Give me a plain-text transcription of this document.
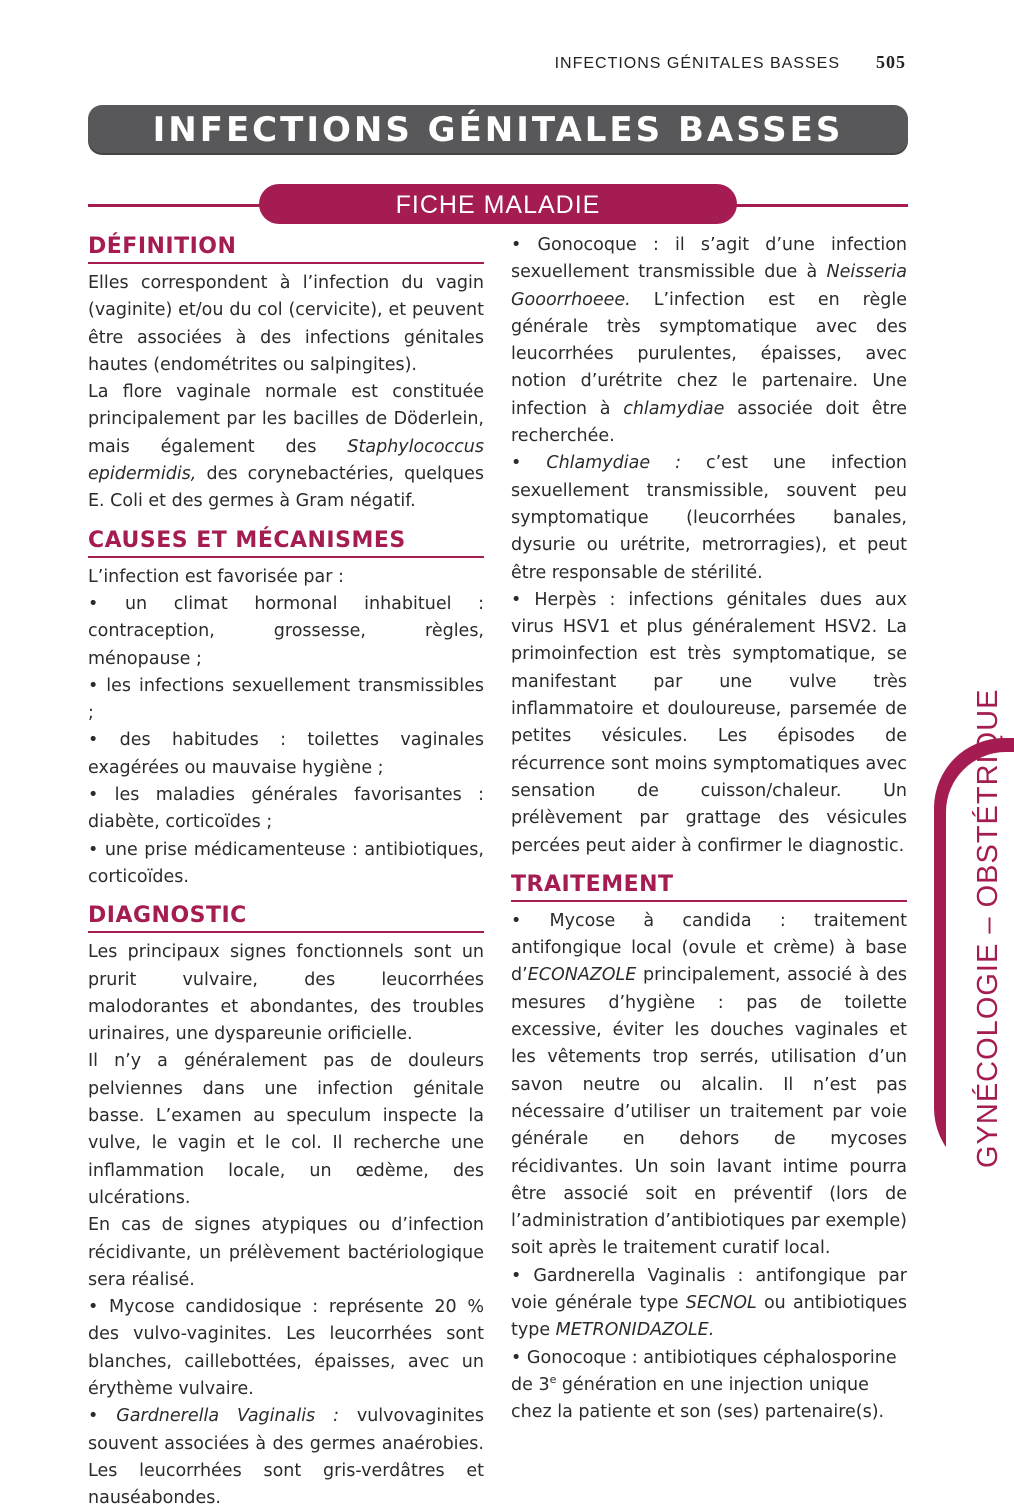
INFECTIONS GÉNITALES BASSES 505
INFECTIONS GÉNITALES BASSES
FICHE MALADIE
DÉFINITION

Elles correspondent à l’infection du vagin (vaginite) et/ou du col (cervicite), et peuvent être associées à des infections génitales hautes (endométrites ou salpingites).

La flore vaginale normale est constituée principalement par les bacilles de Döderlein, mais également des Staphylococcus epidermidis, des corynebactéries, quelques E. Coli et des germes à Gram négatif.

CAUSES ET MÉCANISMES

L’infection est favorisée par :

• un climat hormonal inhabituel : contraception, grossesse, règles, ménopause ;

• les infections sexuellement transmissibles ;

• des habitudes : toilettes vaginales exagérées ou mauvaise hygiène ;

• les maladies générales favorisantes : diabète, corticoïdes ;

• une prise médicamenteuse : antibiotiques, corticoïdes.

DIAGNOSTIC

Les principaux signes fonctionnels sont un prurit vulvaire, des leucorrhées malodorantes et abondantes, des troubles urinaires, une dyspareunie orificielle.

Il n’y a généralement pas de douleurs pelviennes dans une infection génitale basse. L’examen au speculum inspecte la vulve, le vagin et le col. Il recherche une inflammation locale, un œdème, des ulcérations.

En cas de signes atypiques ou d’infection récidivante, un prélèvement bactériologique sera réalisé.

• Mycose candidosique : représente 20 % des vulvo-vaginites. Les leucorrhées sont blanches, caillebottées, épaisses, avec un érythème vulvaire.

• Gardnerella Vaginalis : vulvovaginites souvent associées à des germes anaérobies. Les leucorrhées sont gris-verdâtres et nauséabondes.

• Gonocoque : il s’agit d’une infection sexuellement transmissible due à Neisseria Gooorrhoeee. L’infection est en règle générale très symptomatique avec des leucorrhées purulentes, épaisses, avec notion d’urétrite chez le partenaire. Une infection à chlamydiae associée doit être recherchée.

• Chlamydiae : c’est une infection sexuellement transmissible, souvent peu symptomatique (leucorrhées banales, dysurie ou urétrite, metrorragies), et peut être responsable de stérilité.

• Herpès : infections génitales dues aux virus HSV1 et plus généralement HSV2. La primoinfection est très symptomatique, se manifestant par une vulve très inflammatoire et douloureuse, parsemée de petites vésicules. Les épisodes de récurrence sont moins symptomatiques avec sensation de cuisson/chaleur. Un prélèvement par grattage des vésicules percées peut aider à confirmer le diagnostic.

TRAITEMENT

• Mycose à candida : traitement antifongique local (ovule et crème) à base d’ECONAZOLE principalement, associé à des mesures d’hygiène : pas de toilette excessive, éviter les douches vaginales et les vêtements trop serrés, utilisation d’un savon neutre ou alcalin. Il n’est pas nécessaire d’utiliser un traitement par voie générale en dehors de mycoses récidivantes. Un soin lavant intime pourra être associé soit en préventif (lors de l’administration d’antibiotiques par exemple) soit après le traitement curatif local.

• Gardnerella Vaginalis : antifongique par voie générale type SECNOL ou antibiotiques type METRONIDAZOLE.

• Gonocoque : antibiotiques céphalosporine de 3e génération en une injection unique chez la patiente et son (ses) partenaire(s).

GYNÉCOLOGIE – OBSTÉTRIQUE
